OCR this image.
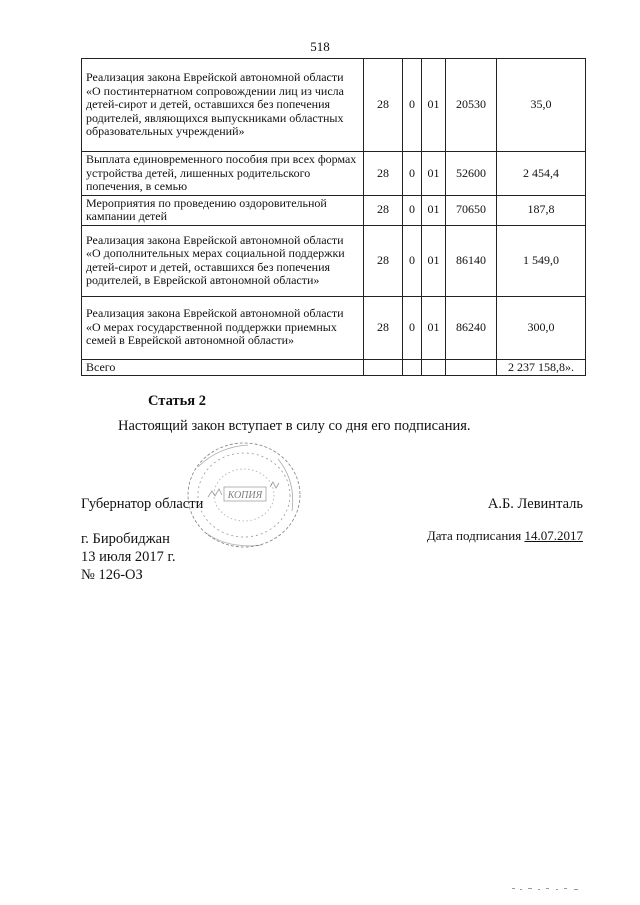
518
Реализация закона Еврейской автономной области «О постинтернатном сопровождении лиц из числа детей-сирот и детей, оставшихся без попечения родителей, являющихся выпускниками областных образовательных учреждений»	28	0	01	20530	35,0
Выплата единовременного пособия при всех формах устройства детей, лишенных родительского попечения, в семью	28	0	01	52600	2 454,4
Мероприятия по проведению оздоровительной кампании детей	28	0	01	70650	187,8
Реализация закона Еврейской автономной области «О дополнительных мерах социальной поддержки детей-сирот и детей, оставшихся без попечения родителей, в Еврейской автономной области»	28	0	01	86140	1 549,0
Реализация закона Еврейской автономной области «О мерах государственной поддержки приемных семей в Еврейской автономной области»	28	0	01	86240	300,0
Всего					2 237 158,8».
Статья 2
Настоящий закон вступает в силу со дня его подписания.
КОПИЯ
Губернатор области	А.Б. Левинталь
г. Биробиджан
13 июля 2017 г.
№ 126-ОЗ
Дата подписания 14.07.2017
